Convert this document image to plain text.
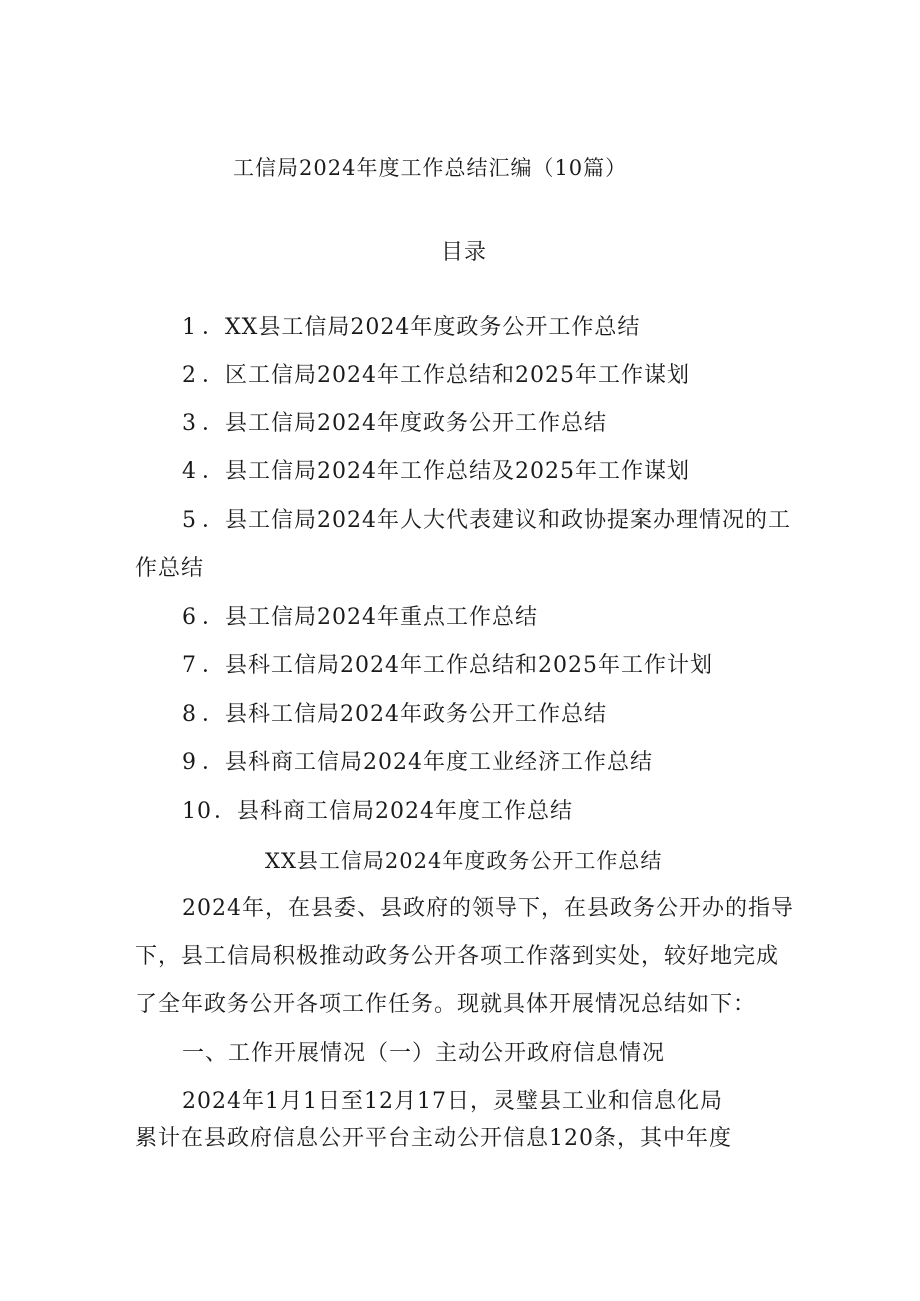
工信局2024年度工作总结汇编（10篇）
目录
1 ．XX县工信局2024年度政务公开工作总结
2 ．区工信局2024年工作总结和2025年工作谋划
3 ．县工信局2024年度政务公开工作总结
4 ．县工信局2024年工作总结及2025年工作谋划
5 ．县工信局2024年人大代表建议和政协提案办理情况的工
作总结
6 ．县工信局2024年重点工作总结
7 ．县科工信局2024年工作总结和2025年工作计划
8 ．县科工信局2024年政务公开工作总结
9 ．县科商工信局2024年度工业经济工作总结
10．县科商工信局2024年度工作总结
XX县工信局2024年度政务公开工作总结
2024年，在县委、县政府的领导下，在县政务公开办的指导
下，县工信局积极推动政务公开各项工作落到实处，较好地完成
了全年政务公开各项工作任务。现就具体开展情况总结如下：
一、工作开展情况（一）主动公开政府信息情况
2024年1月1日至12月17日，灵璧县工业和信息化局
累计在县政府信息公开平台主动公开信息120条，其中年度
